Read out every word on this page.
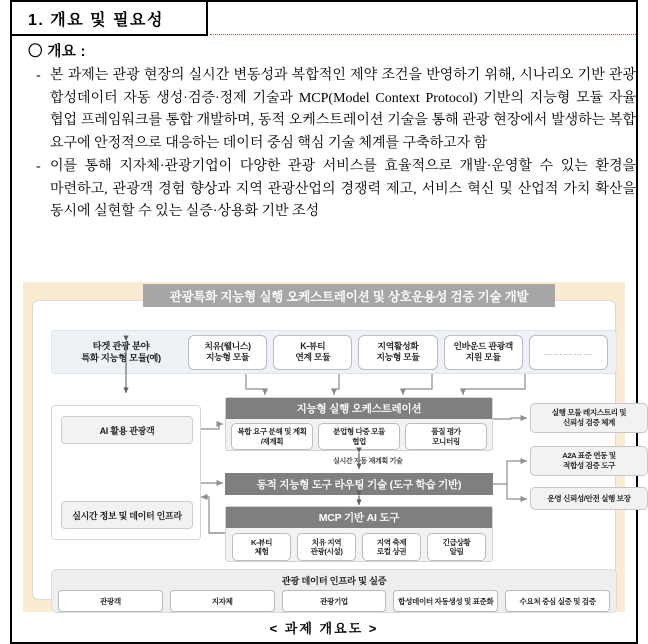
1. 개요 및 필요성
〇 개요 :
- 본 과제는 관광 현장의 실시간 변동성과 복합적인 제약 조건을 반영하기 위해, 시나리오 기반 관광 합성데이터 자동 생성·검증·정제 기술과 MCP(Model Context Protocol) 기반의 지능형 모듈 자율 협업 프레임워크를 통합 개발하며, 동적 오케스트레이션 기술을 통해 관광 현장에서 발생하는 복합 요구에 안정적으로 대응하는 데이터 중심 핵심 기술 체계를 구축하고자 함
- 이를 통해 지자체·관광기업이 다양한 관광 서비스를 효율적으로 개발·운영할 수 있는 환경을 마련하고, 관광객 경험 향상과 지역 관광산업의 경쟁력 제고, 서비스 혁신 및 산업적 가치 확산을 동시에 실현할 수 있는 실증·상용화 기반 조성
관광특화 지능형 실행 오케스트레이션 및 상호운용성 검증 기술 개발
타겟 관광 분야
특화 지능형 모듈(예)
치유(웰니스)
지능형 모듈
K-뷰티
연계 모듈
지역활성화
지능형 모듈
인바운드 관광객
지원 모듈
……………
AI 활용 관광객
실시간 정보 및 데이터 인프라
지능형 실행 오케스트레이션
복합 요구 분해 및 계획
/재계획
분업형 다중 모듈
협업
품질 평가
모니터링
실시간 자동 재계획 기술
동적 지능형 도구 라우팅 기술 (도구 학습 기반)
MCP 기반 AI 도구
K-뷰티
체험
치유 지역
관광(시설)
지역 축제
로컬 상권
긴급상황
알림
실행 모듈 레지스트리 및
신뢰성 검증 체계
A2A 표준 연동 및
적합성 검증 도구
운영 신뢰성/안전 실행 보장
관광 데이터 인프라 및 실증
관광객	지자체	관광기업	합성데이터 자동생성 및 표준화	수요처 중심 실증 및 검증
< 과제 개요도 >
